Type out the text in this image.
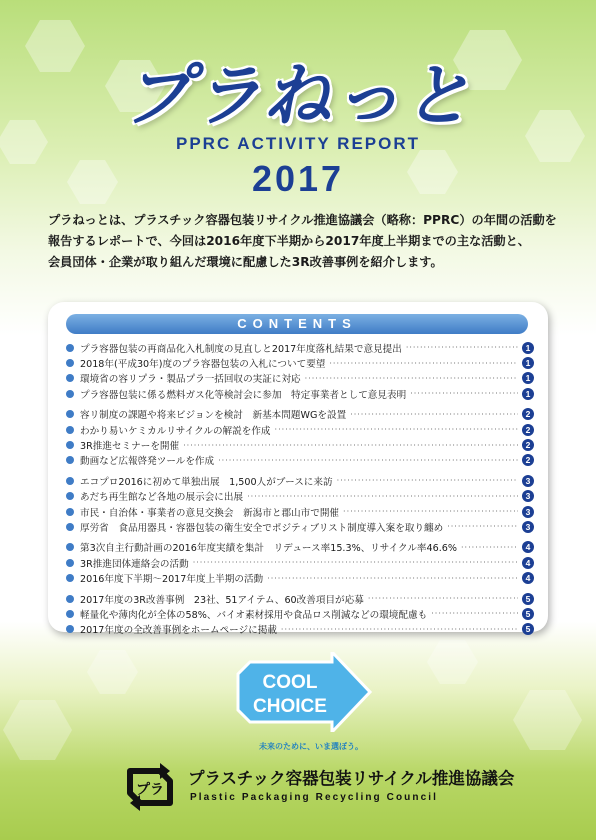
プラねっと
PPRC ACTIVITY REPORT
2017
プラねっとは、プラスチック容器包装リサイクル推進協議会（略称：PPRC）の年間の活動を
報告するレポートで、今回は2016年度下半期から2017年度上半期までの主な活動と、
会員団体・企業が取り組んだ環境に配慮した3R改善事例を紹介します。
CONTENTS
プラ容器包装の再商品化入札制度の見直しと2017年度落札結果で意見提出 ·····	1
2018年(平成30年)度のプラ容器包装の入札について要望 ·····	1
環境省の容リプラ・製品プラ一括回収の実証に対応 ·····	1
プラ容器包装に係る燃料ガス化等検討会に参加　特定事業者として意見表明 ·····	1
容リ制度の課題や将来ビジョンを検討　新基本問題WGを設置 ·····	2
わかり易いケミカルリサイクルの解説を作成 ·····	2
3R推進セミナーを開催 ·····	2
動画など広報啓発ツールを作成 ·····	2
エコプロ2016に初めて単独出展　1,500人がブースに来訪 ·····	3
あだち再生館など各地の展示会に出展 ·····	3
市民・自治体・事業者の意見交換会　新潟市と郡山市で開催 ·····	3
厚労省　食品用器具・容器包装の衛生安全でポジティブリスト制度導入案を取り纏め ·····	3
第3次自主行動計画の2016年度実績を集計　リデュース率15.3%、リサイクル率46.6% ·····	4
3R推進団体連絡会の活動 ·····	4
2016年度下半期～2017年度上半期の活動 ·····	4
2017年度の3R改善事例　23社、51アイテム、60改善項目が応募 ·····	5
軽量化や薄肉化が全体の58%、バイオ素材採用や食品ロス削減などの環境配慮も ·····	5
2017年度の全改善事例をホームページに掲載 ·····	5
COOL
CHOICE
未来のために、いま選ぼう。
プラ
プラスチック容器包装リサイクル推進協議会
Plastic Packaging Recycling Council
